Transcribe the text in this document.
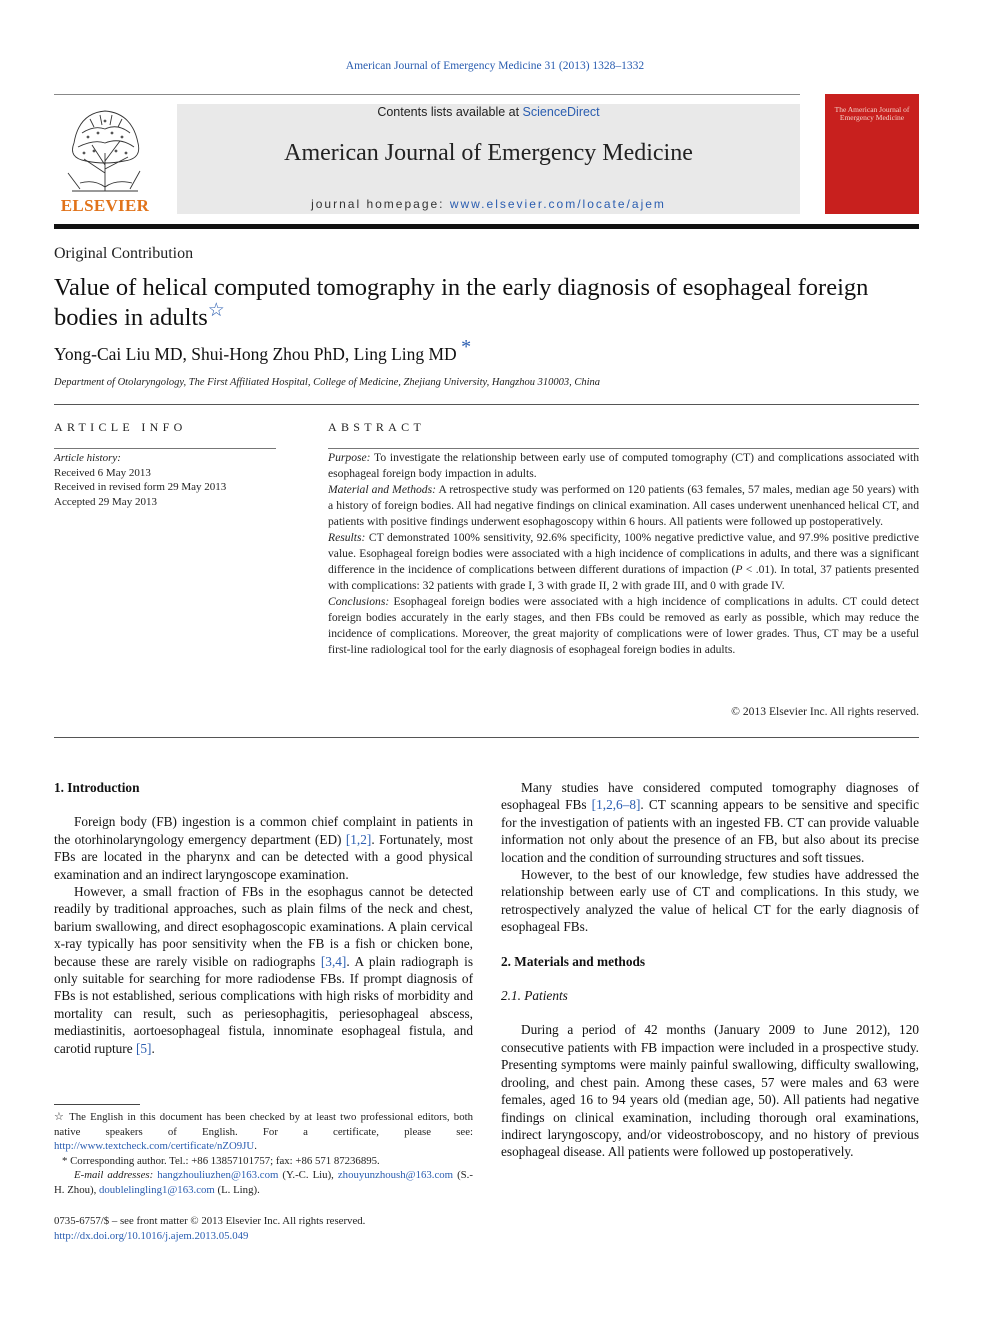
American Journal of Emergency Medicine 31 (2013) 1328–1332
ELSEVIER
Contents lists available at ScienceDirect
American Journal of Emergency Medicine
journal homepage: www.elsevier.com/locate/ajem
The American Journal of Emergency Medicine
Original Contribution
Value of helical computed tomography in the early diagnosis of esophageal foreign bodies in adults☆
Yong-Cai Liu MD, Shui-Hong Zhou PhD, Ling Ling MD *
Department of Otolaryngology, The First Affiliated Hospital, College of Medicine, Zhejiang University, Hangzhou 310003, China
ARTICLE INFO	ABSTRACT
Article history:
Received 6 May 2013
Received in revised form 29 May 2013
Accepted 29 May 2013

Purpose: To investigate the relationship between early use of computed tomography (CT) and complications associated with esophageal foreign body impaction in adults.

Material and Methods: A retrospective study was performed on 120 patients (63 females, 57 males, median age 50 years) with a history of foreign bodies. All had negative findings on clinical examination. All cases underwent unenhanced helical CT, and patients with positive findings underwent esophagoscopy within 6 hours. All patients were followed up postoperatively.

Results: CT demonstrated 100% sensitivity, 92.6% specificity, 100% negative predictive value, and 97.9% positive predictive value. Esophageal foreign bodies were associated with a high incidence of complications in adults, and there was a significant difference in the incidence of complications between different durations of impaction (P < .01). In total, 37 patients presented with complications: 32 patients with grade I, 3 with grade II, 2 with grade III, and 0 with grade IV.

Conclusions: Esophageal foreign bodies were associated with a high incidence of complications in adults. CT could detect foreign bodies accurately in the early stages, and then FBs could be removed as early as possible, which may reduce the incidence of complications. Moreover, the great majority of complications were of lower grades. Thus, CT may be a useful first-line radiological tool for the early diagnosis of esophageal foreign bodies in adults.

© 2013 Elsevier Inc. All rights reserved.
1. Introduction

Foreign body (FB) ingestion is a common chief complaint in patients in the otorhinolaryngology emergency department (ED) [1,2]. Fortunately, most FBs are located in the pharynx and can be detected with a good physical examination and an indirect laryngoscope examination.

However, a small fraction of FBs in the esophagus cannot be detected readily by traditional approaches, such as plain films of the neck and chest, barium swallowing, and direct esophagoscopic examinations. A plain cervical x-ray typically has poor sensitivity when the FB is a fish or chicken bone, because these are rarely visible on radiographs [3,4]. A plain radiograph is only suitable for searching for more radiodense FBs. If prompt diagnosis of FBs is not established, serious complications with high risks of morbidity and mortality can result, such as periesophagitis, periesophageal abscess, mediastinitis, aortoesophageal fistula, innominate esophageal fistula, and carotid rupture [5].

Many studies have considered computed tomography diagnoses of esophageal FBs [1,2,6–8]. CT scanning appears to be sensitive and specific for the investigation of patients with an ingested FB. CT can provide valuable information not only about the presence of an FB, but also about its precise location and the condition of surrounding structures and soft tissues.

However, to the best of our knowledge, few studies have addressed the relationship between early use of CT and complications. In this study, we retrospectively analyzed the value of helical CT for the early diagnosis of esophageal FBs.

2. Materials and methods
2.1. Patients

During a period of 42 months (January 2009 to June 2012), 120 consecutive patients with FB impaction were included in a prospective study. Presenting symptoms were mainly painful swallowing, difficulty swallowing, drooling, and chest pain. Among these cases, 57 were males and 63 were females, aged 16 to 94 years old (median age, 50). All patients had negative findings on clinical examination, including thorough oral examinations, indirect laryngoscopy, and/or videostroboscopy, and no history of previous esophageal disease. All patients were followed up postoperatively.

☆ The English in this document has been checked by at least two professional editors, both native speakers of English. For a certificate, please see: http://www.textcheck.com/certificate/nZO9JU.
* Corresponding author. Tel.: +86 13857101757; fax: +86 571 87236895.
E-mail addresses: hangzhouliuzhen@163.com (Y.-C. Liu), zhouyunzhoush@163.com (S.-H. Zhou), doublelingling1@163.com (L. Ling).
0735-6757/$ – see front matter © 2013 Elsevier Inc. All rights reserved.
http://dx.doi.org/10.1016/j.ajem.2013.05.049
